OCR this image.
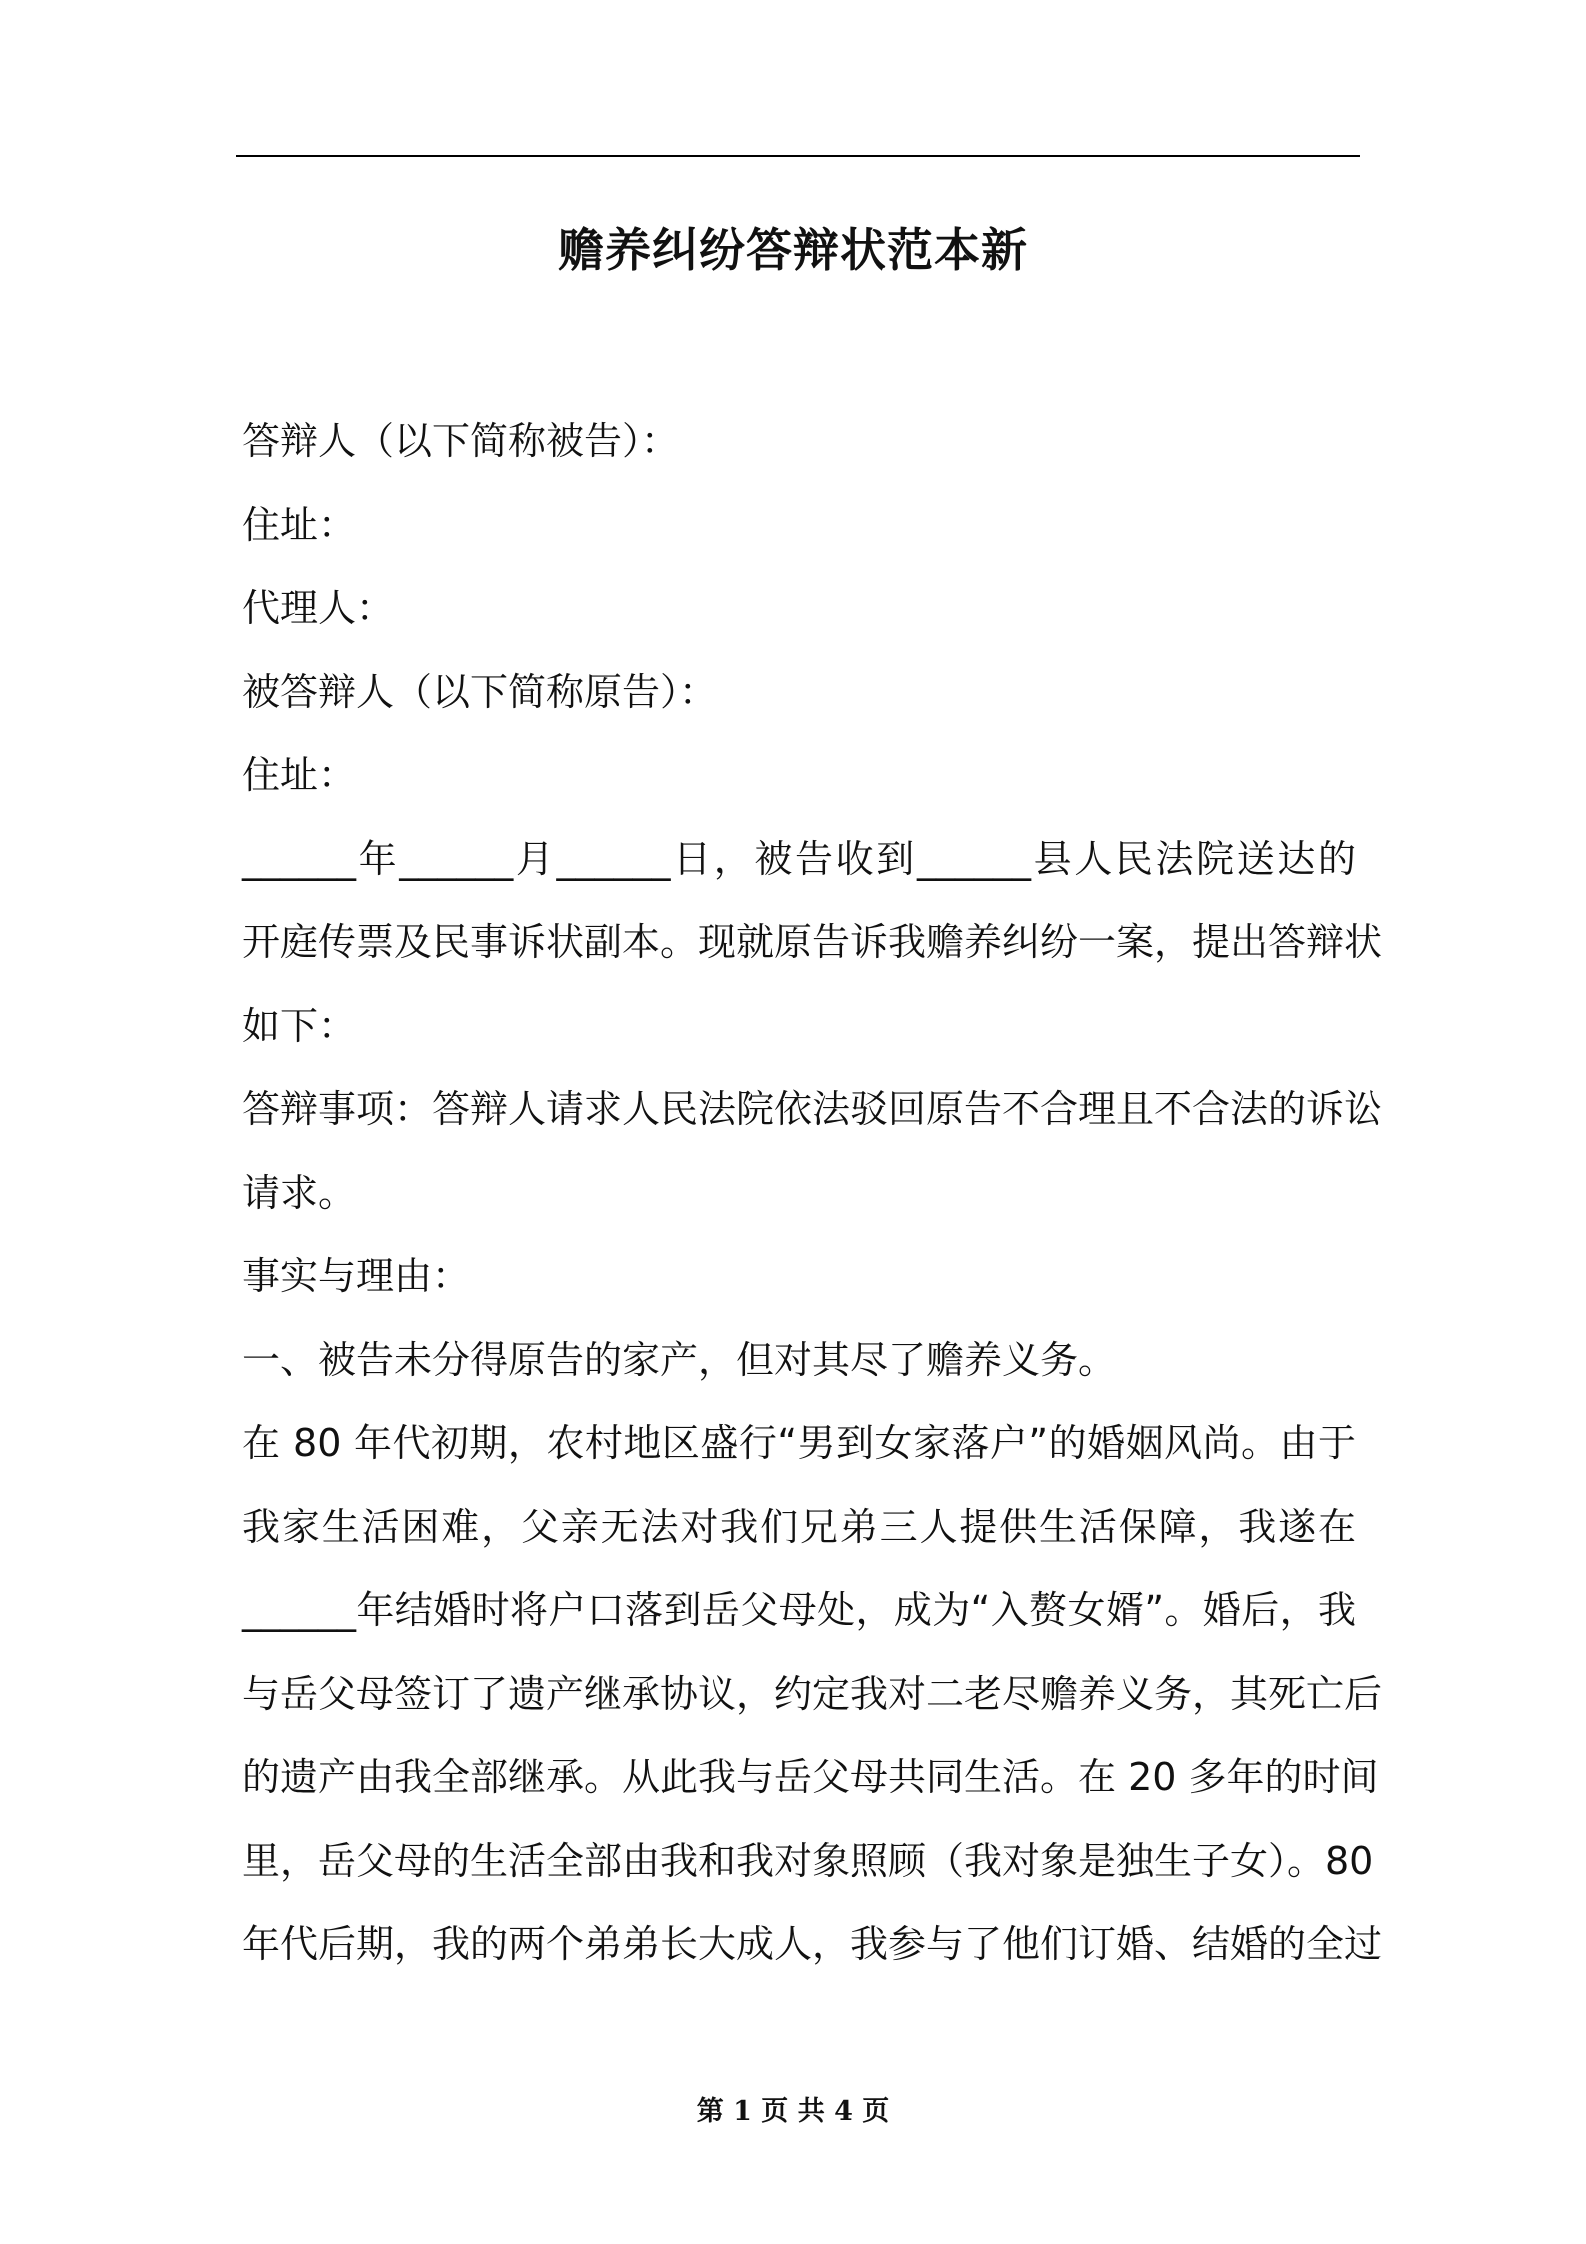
赡养纠纷答辩状范本新
答辩人（以下简称被告）：
住址：
代理人：
被答辩人（以下简称原告）：
住址：
______年______月______日，被告收到______县人民法院送达的
开庭传票及民事诉状副本。现就原告诉我赡养纠纷一案，提出答辩状
如下：
答辩事项：答辩人请求人民法院依法驳回原告不合理且不合法的诉讼
请求。
事实与理由：
一、被告未分得原告的家产，但对其尽了赡养义务。
在 80 年代初期，农村地区盛行“男到女家落户”的婚姻风尚。由于
我家生活困难，父亲无法对我们兄弟三人提供生活保障，我遂在
______年结婚时将户口落到岳父母处，成为“入赘女婿”。婚后，我
与岳父母签订了遗产继承协议，约定我对二老尽赡养义务，其死亡后
的遗产由我全部继承。从此我与岳父母共同生活。在 20 多年的时间
里，岳父母的生活全部由我和我对象照顾（我对象是独生子女）。80
年代后期，我的两个弟弟长大成人，我参与了他们订婚、结婚的全过
第 1 页 共 4 页
